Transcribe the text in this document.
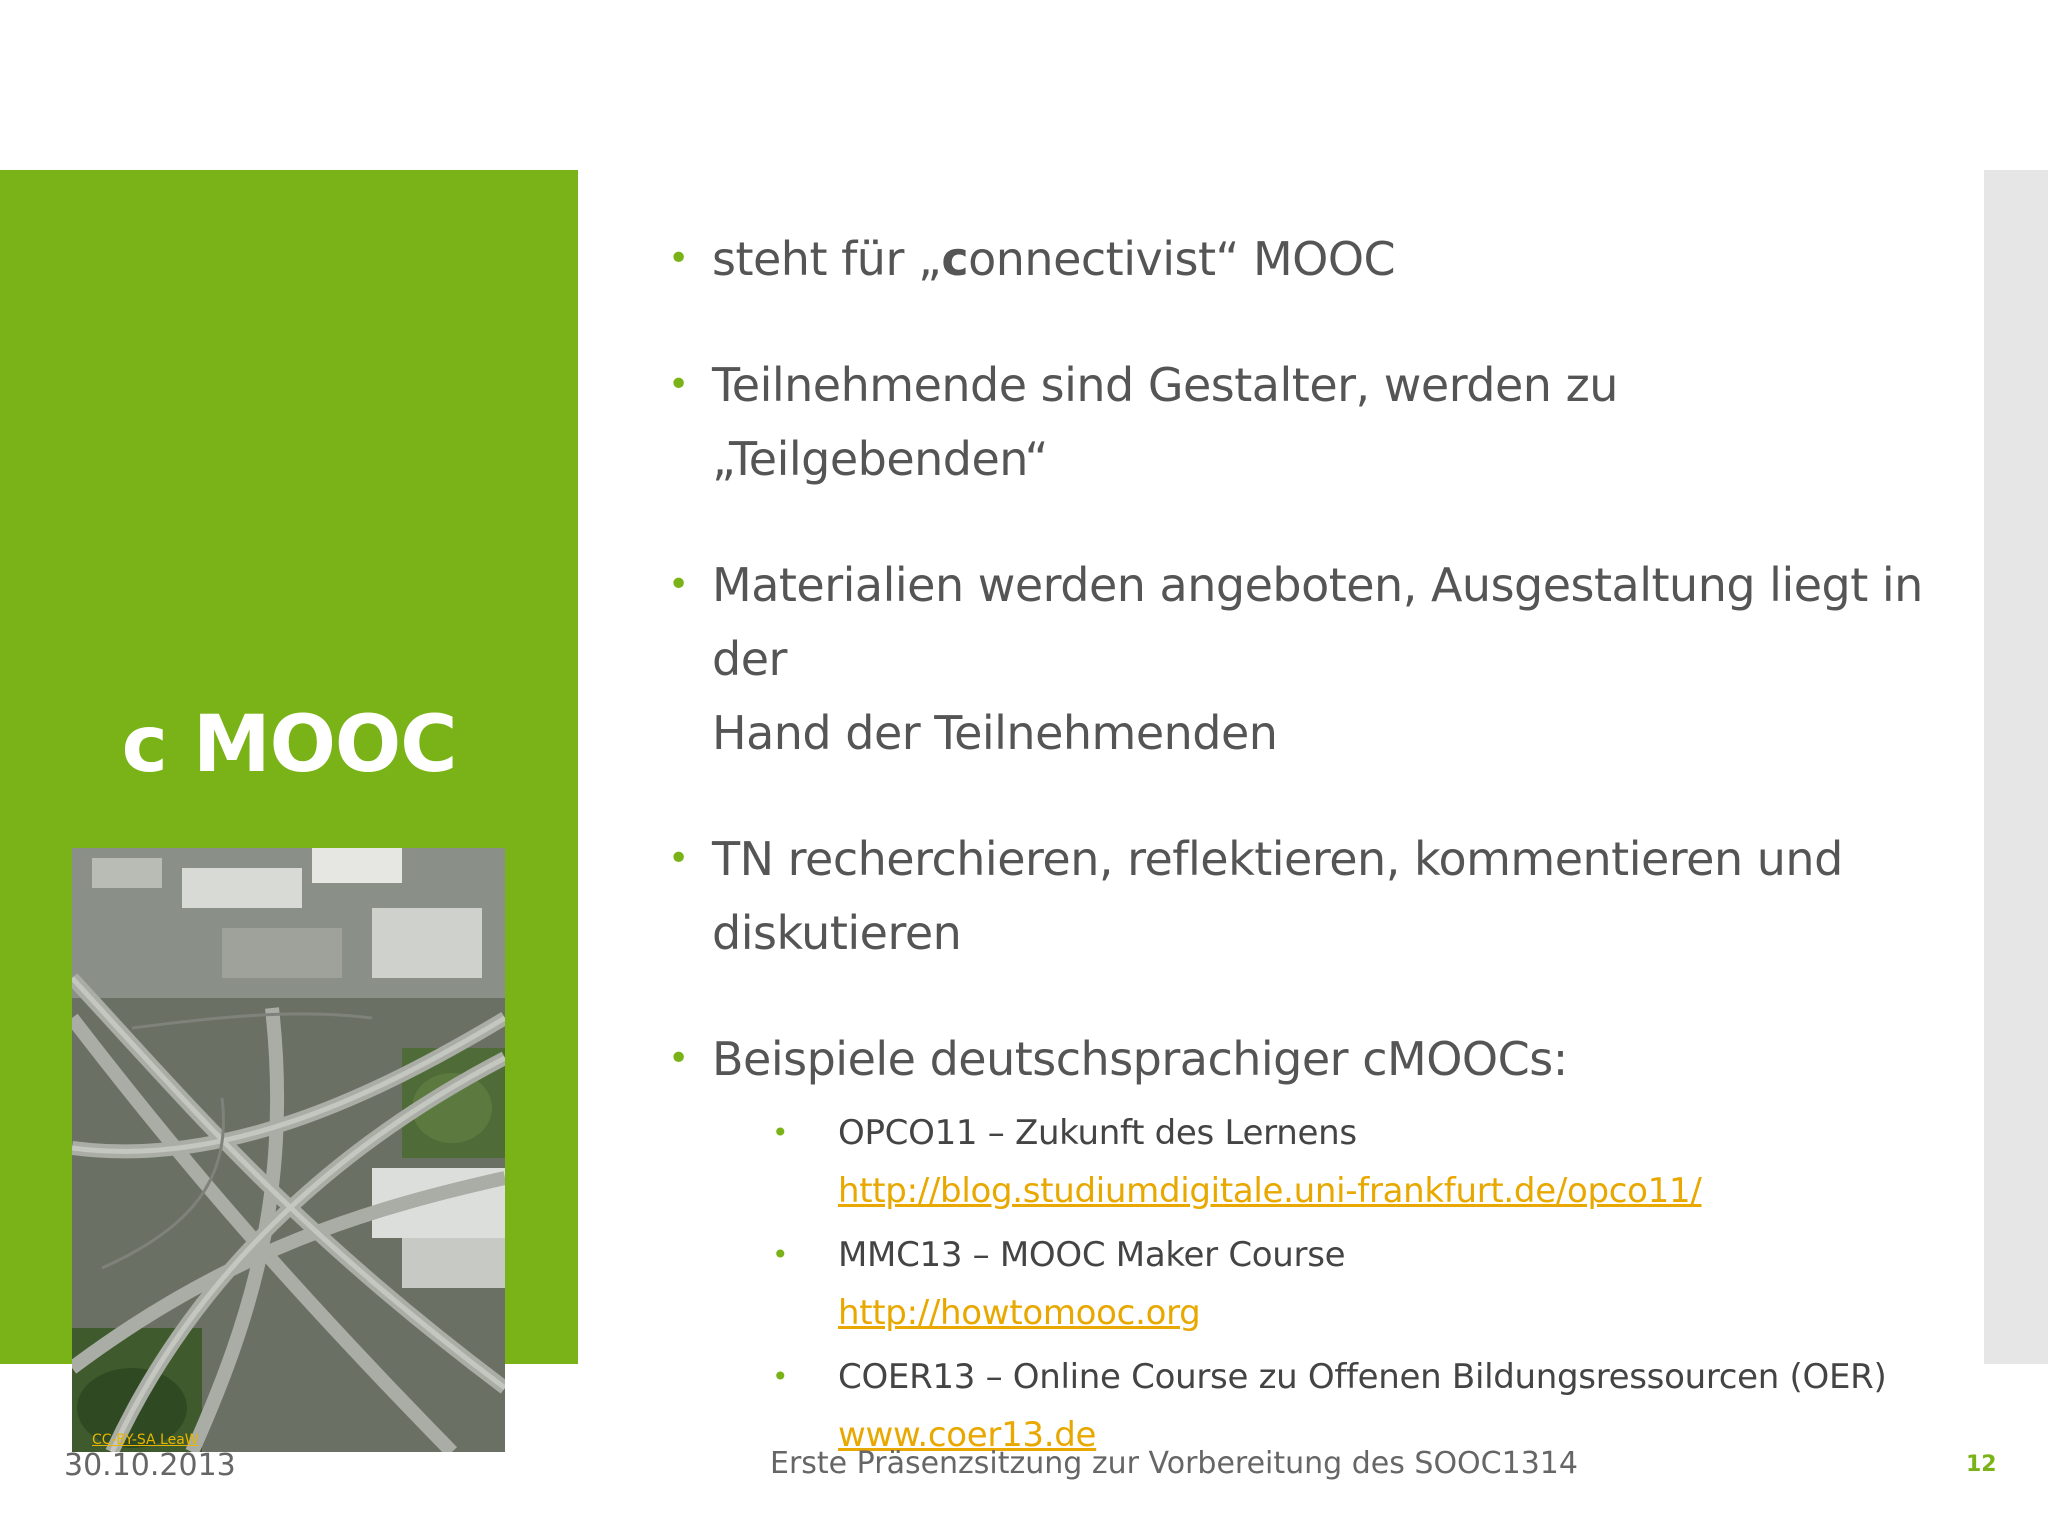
c MOOC
CC-BY-SA LeaW
• steht für „connectivist“ MOOC
• Teilnehmende sind Gestalter, werden zu „Teilgebenden“
• Materialien werden angeboten, Ausgestaltung liegt in der
Hand der Teilnehmenden
• TN recherchieren, reflektieren, kommentieren und
diskutieren
• Beispiele deutschsprachiger cMOOCs:
• OPCO11 – Zukunft des Lernens
http://blog.studiumdigitale.uni-frankfurt.de/opco11/
• MMC13 – MOOC Maker Course
http://howtomooc.org
• COER13 – Online Course zu Offenen Bildungsressourcen (OER)
www.coer13.de
30.10.2013	Erste Präsenzsitzung zur Vorbereitung des SOOC1314	12
